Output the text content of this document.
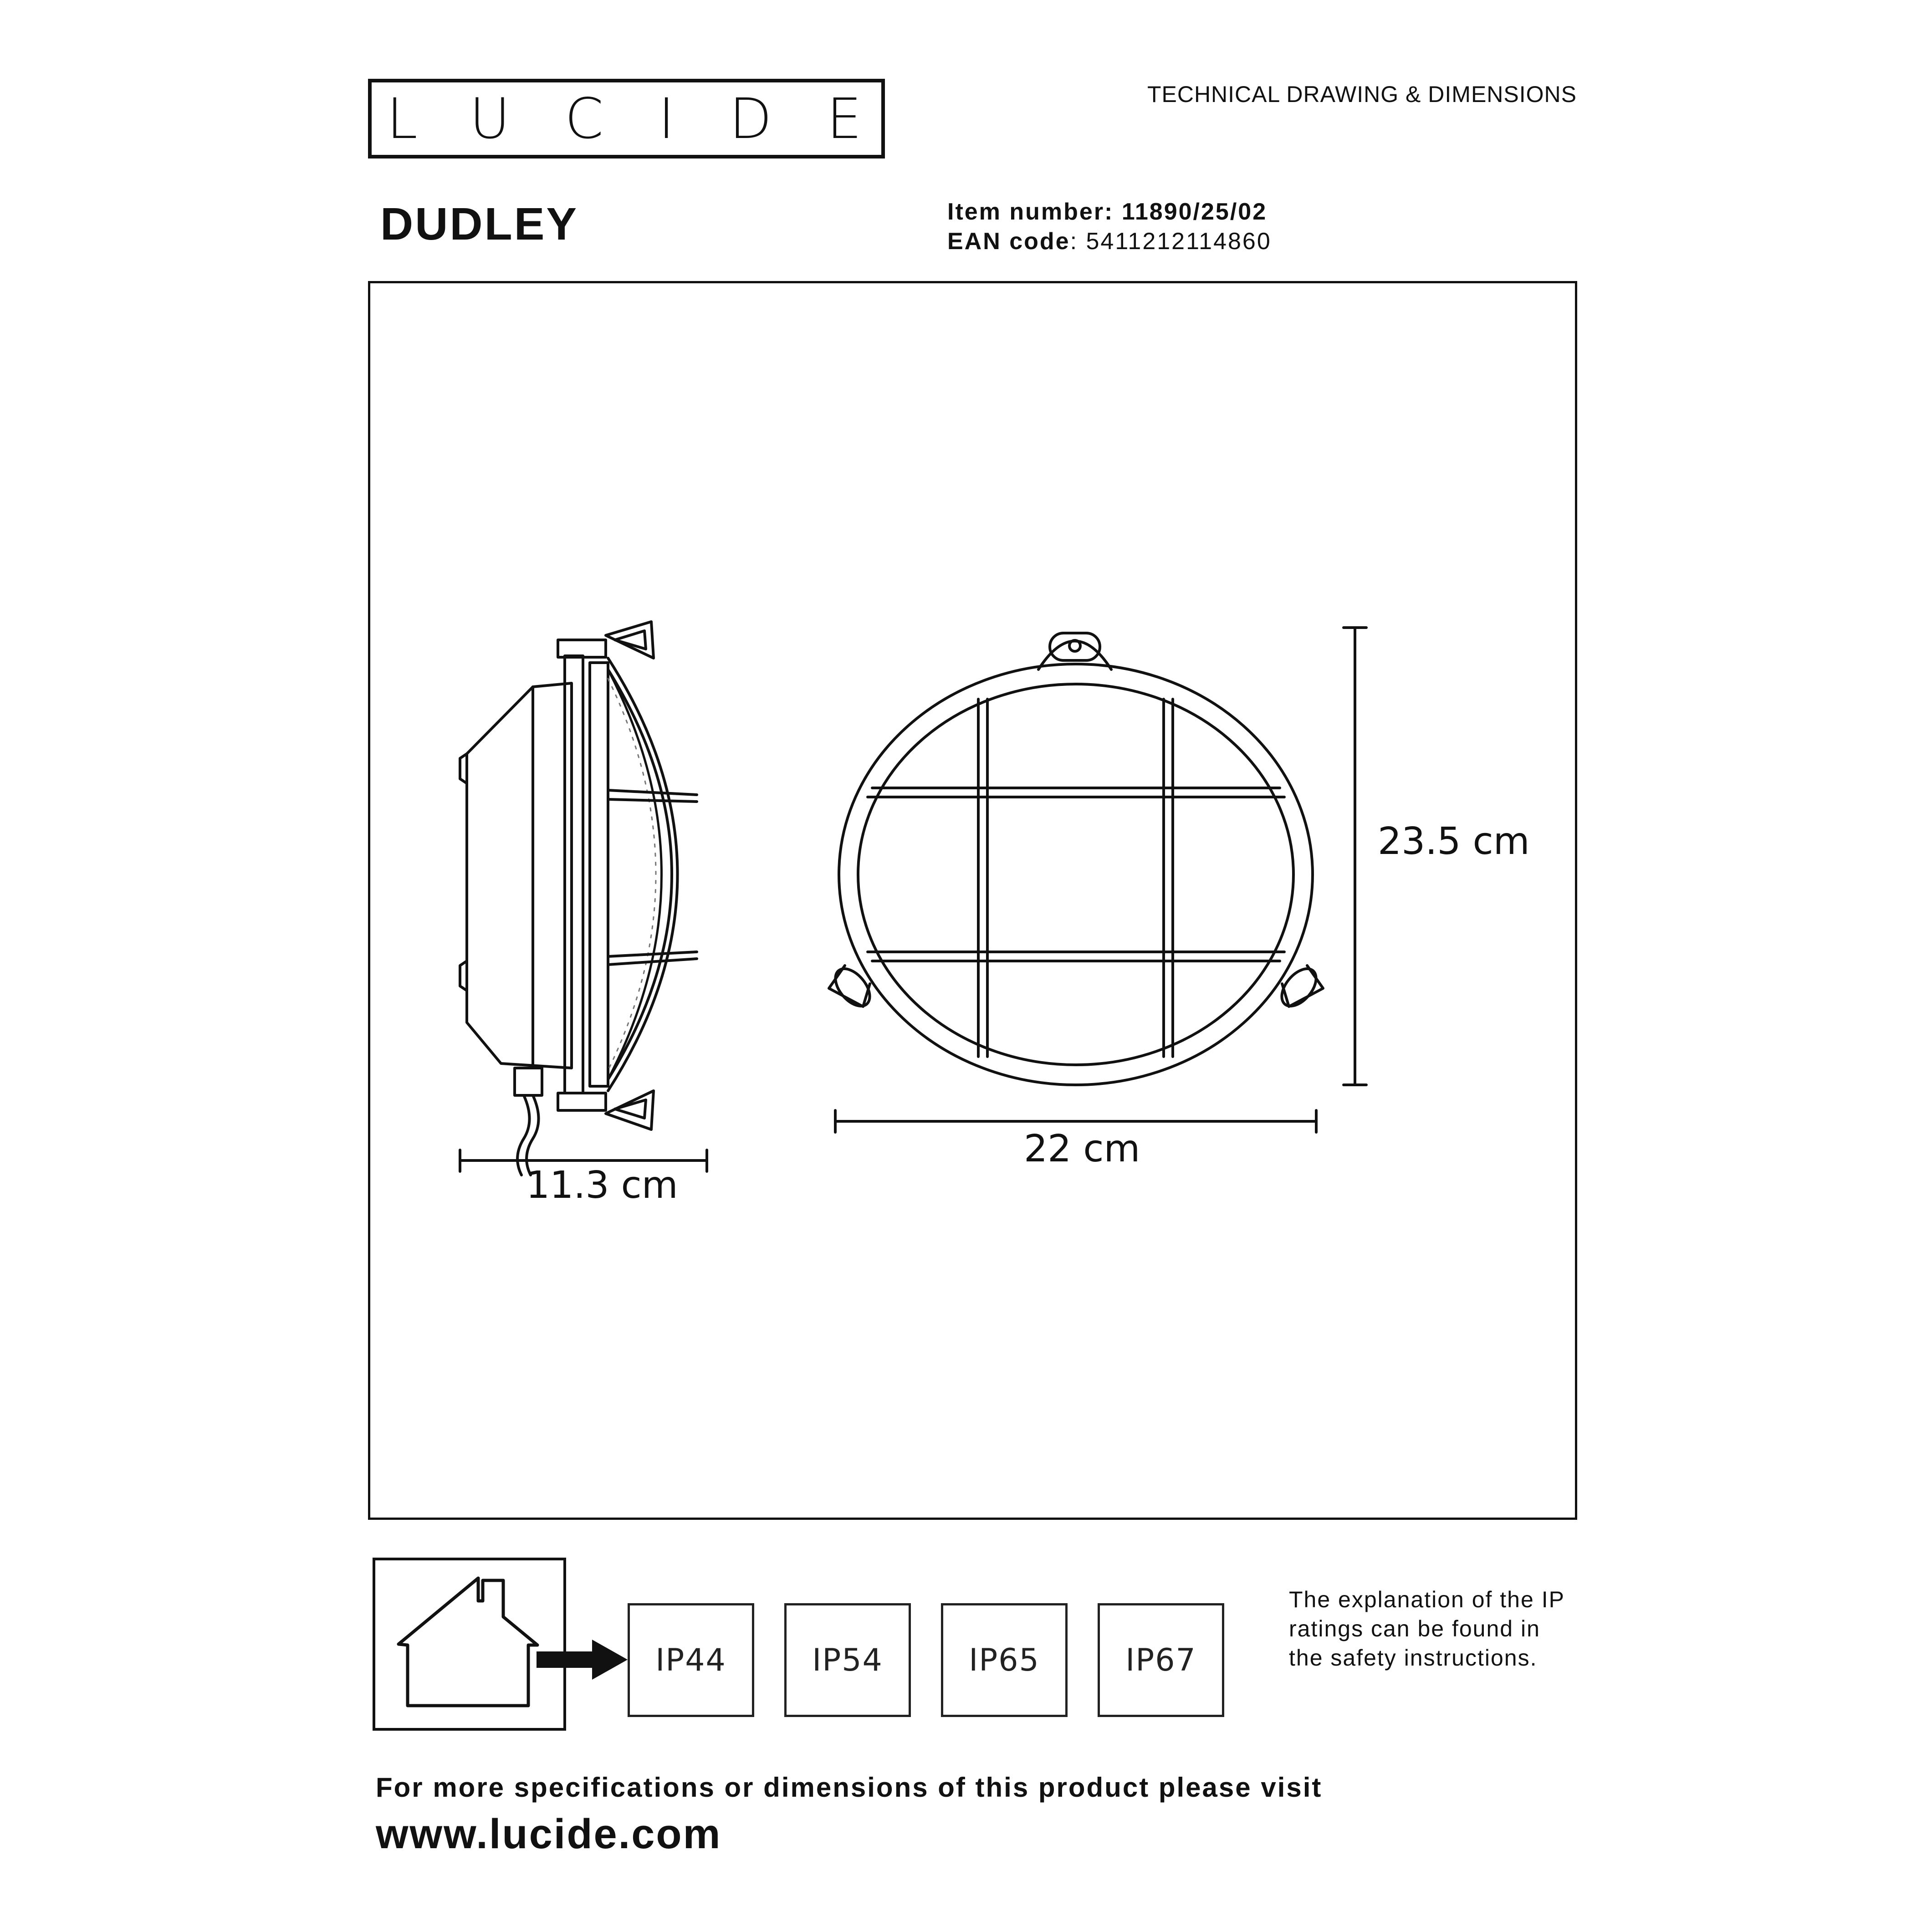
LUCIDE	TECHNICAL DRAWING & DIMENSIONS
DUDLEY	Item number: 11890/25/02
EAN code: 5411212114860
11.3 cm
22 cm
23.5 cm
IP44	IP54	IP65	IP67
The explanation of the IP ratings can be found in the safety instructions.
For more specifications or dimensions of this product please visit
www.lucide.com
